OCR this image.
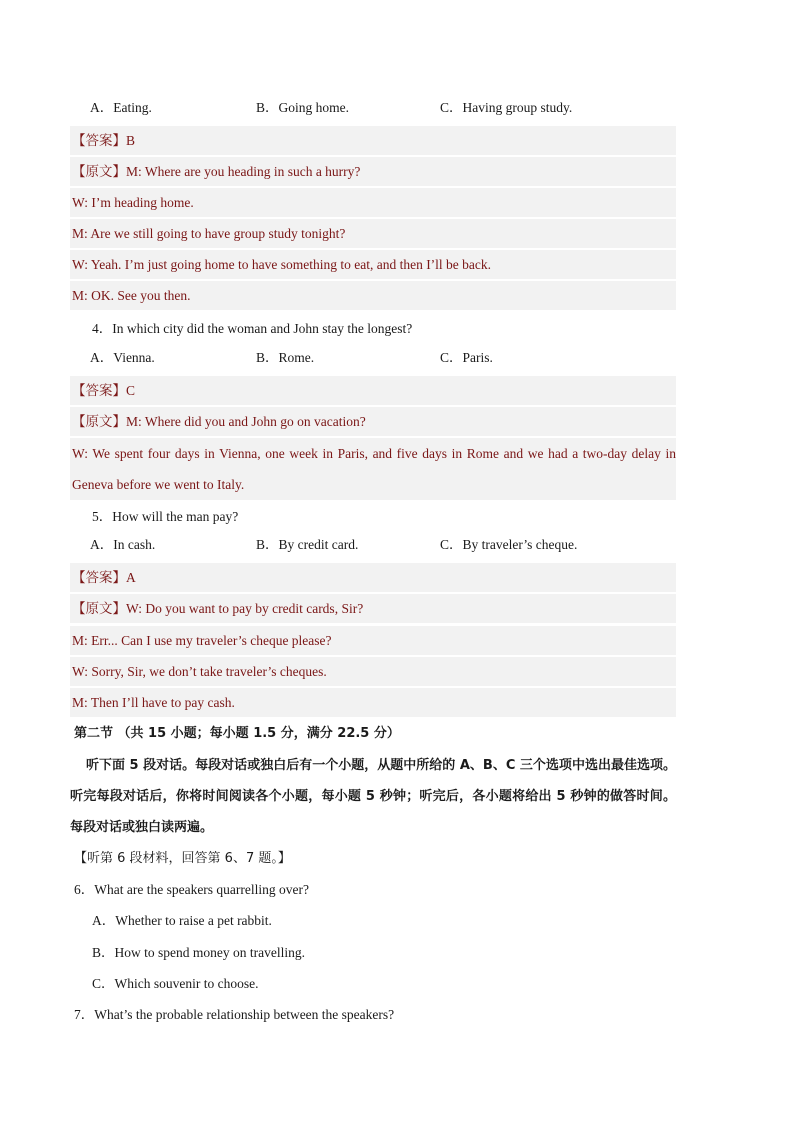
A．Eating.	B．Going home.	C．Having group study.
【答案】B
【原文】M: Where are you heading in such a hurry?
W: I’m heading home.
M: Are we still going to have group study tonight?
W: Yeah. I’m just going home to have something to eat, and then I’ll be back.
M: OK. See you then.
4．In which city did the woman and John stay the longest?
A．Vienna.	B．Rome.	C．Paris.
【答案】C
【原文】M: Where did you and John go on vacation?
W: We spent four days in Vienna, one week in Paris, and five days in Rome and we had a two-day delay in Geneva before we went to Italy.
5．How will the man pay?
A．In cash.	B．By credit card.	C．By traveler’s cheque.
【答案】A
【原文】W: Do you want to pay by credit cards, Sir?
M: Err... Can I use my traveler’s cheque please?
W: Sorry, Sir, we don’t take traveler’s cheques.
M: Then I’ll have to pay cash.
第二节 （共 15 小题；每小题 1.5 分，满分 22.5 分）
听下面 5 段对话。每段对话或独白后有一个小题，从题中所给的 A、B、C 三个选项中选出最佳选项。听完每段对话后，你将时间阅读各个小题，每小题 5 秒钟；听完后，各小题将给出 5 秒钟的做答时间。每段对话或独白读两遍。
【听第 6 段材料，回答第 6、7 题。】
6．What are the speakers quarrelling over?
A．Whether to raise a pet rabbit.
B．How to spend money on travelling.
C．Which souvenir to choose.
7．What’s the probable relationship between the speakers?
